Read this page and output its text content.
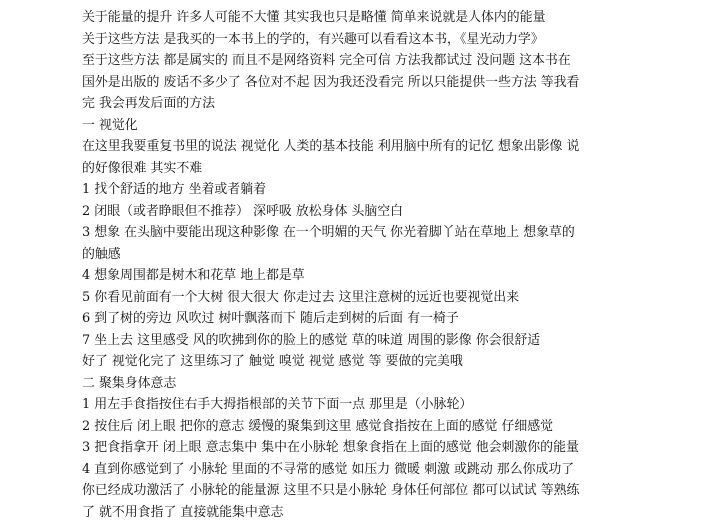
关于能量的提升 许多人可能不大懂 其实我也只是略懂 简单来说就是人体内的能量
关于这些方法 是我买的一本书上的学的，有兴趣可以看看这本书，《星光动力学》
至于这些方法 都是属实的 而且不是网络资料 完全可信 方法我都试过 没问题 这本书在
国外是出版的 废话不多少了 各位对不起 因为我还没看完 所以只能提供一些方法 等我看
完 我会再发后面的方法
一 视觉化
在这里我要重复书里的说法 视觉化 人类的基本技能 利用脑中所有的记忆 想象出影像 说
的好像很难 其实不难
1 找个舒适的地方 坐着或者躺着
2 闭眼（或者睁眼但不推荐） 深呼吸 放松身体 头脑空白
3 想象 在头脑中要能出现这种影像 在一个明媚的天气 你光着脚丫站在草地上 想象草的
的触感
4 想象周围都是树木和花草 地上都是草
5 你看见前面有一个大树 很大很大 你走过去 这里注意树的远近也要视觉出来
6 到了树的旁边 风吹过 树叶飘落而下 随后走到树的后面 有一椅子
7 坐上去 这里感受 风的吹拂到你的脸上的感觉 草的味道 周围的影像 你会很舒适
好了 视觉化完了 这里练习了 触觉 嗅觉 视觉 感觉 等 要做的完美哦
二 聚集身体意志
1 用左手食指按住右手大拇指根部的关节下面一点 那里是（小脉轮）
2 按住后 闭上眼 把你的意志 缓慢的聚集到这里 感觉食指按在上面的感觉 仔细感觉
3 把食指拿开 闭上眼 意志集中 集中在小脉轮 想象食指在上面的感觉 他会刺激你的能量
4 直到你感觉到了 小脉轮 里面的不寻常的感觉 如压力 微暖 刺激 或跳动 那么你成功了
你已经成功激活了 小脉轮的能量源 这里不只是小脉轮 身体任何部位 都可以试试 等熟练
了 就不用食指了 直接就能集中意志
